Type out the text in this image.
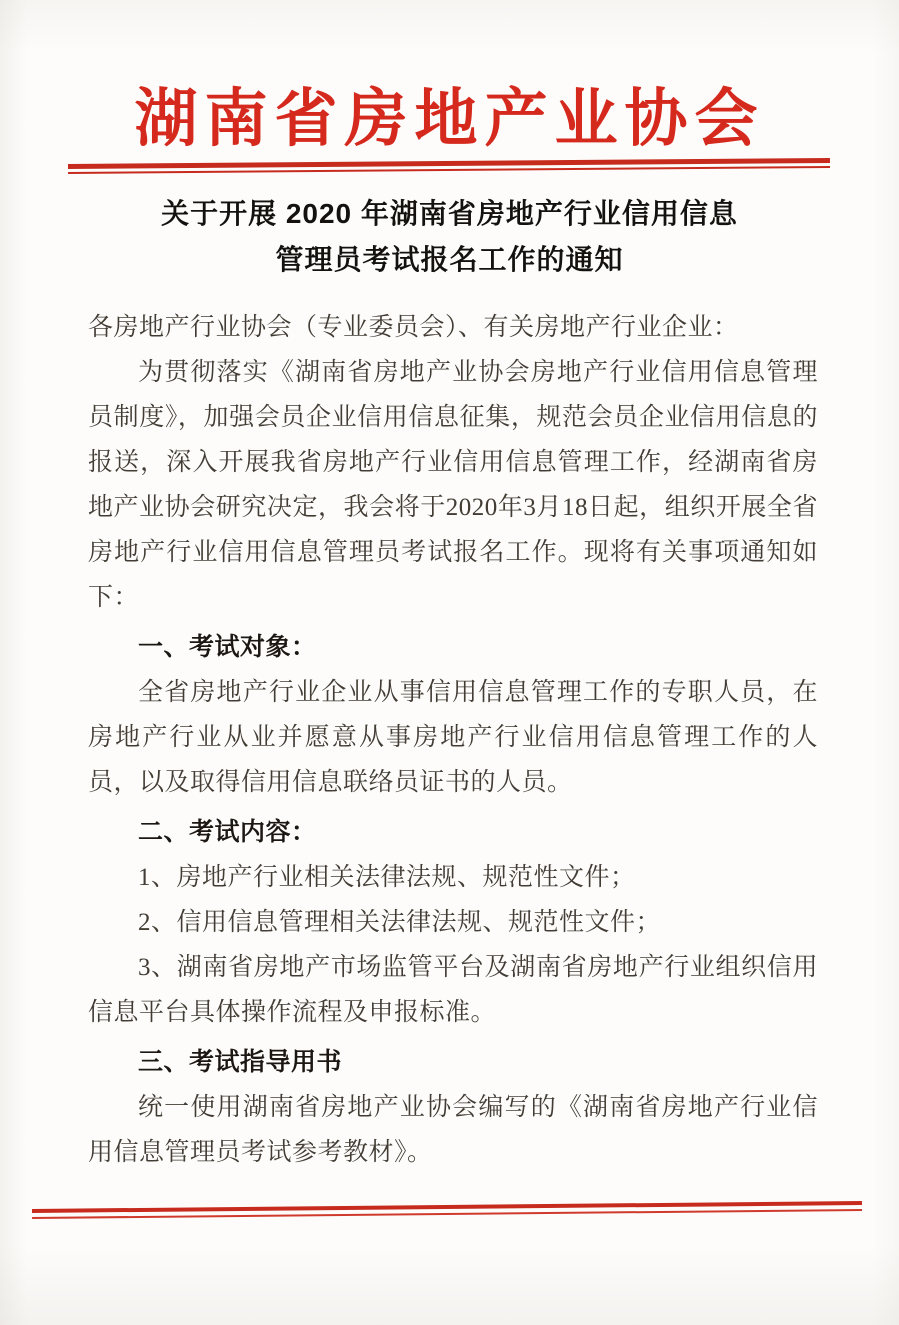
湖南省房地产业协会
关于开展 2020 年湖南省房地产行业信用信息
管理员考试报名工作的通知

各房地产行业协会（专业委员会）、有关房地产行业企业：

为贯彻落实《湖南省房地产业协会房地产行业信用信息管理员制度》，加强会员企业信用信息征集，规范会员企业信用信息的报送，深入开展我省房地产行业信用信息管理工作，经湖南省房地产业协会研究决定，我会将于2020年3月18日起，组织开展全省房地产行业信用信息管理员考试报名工作。现将有关事项通知如下：

一、考试对象：

全省房地产行业企业从事信用信息管理工作的专职人员，在房地产行业从业并愿意从事房地产行业信用信息管理工作的人员，以及取得信用信息联络员证书的人员。

二、考试内容：

1、房地产行业相关法律法规、规范性文件；

2、信用信息管理相关法律法规、规范性文件；

3、湖南省房地产市场监管平台及湖南省房地产行业组织信用信息平台具体操作流程及申报标准。

三、考试指导用书

统一使用湖南省房地产业协会编写的《湖南省房地产行业信用信息管理员考试参考教材》。
